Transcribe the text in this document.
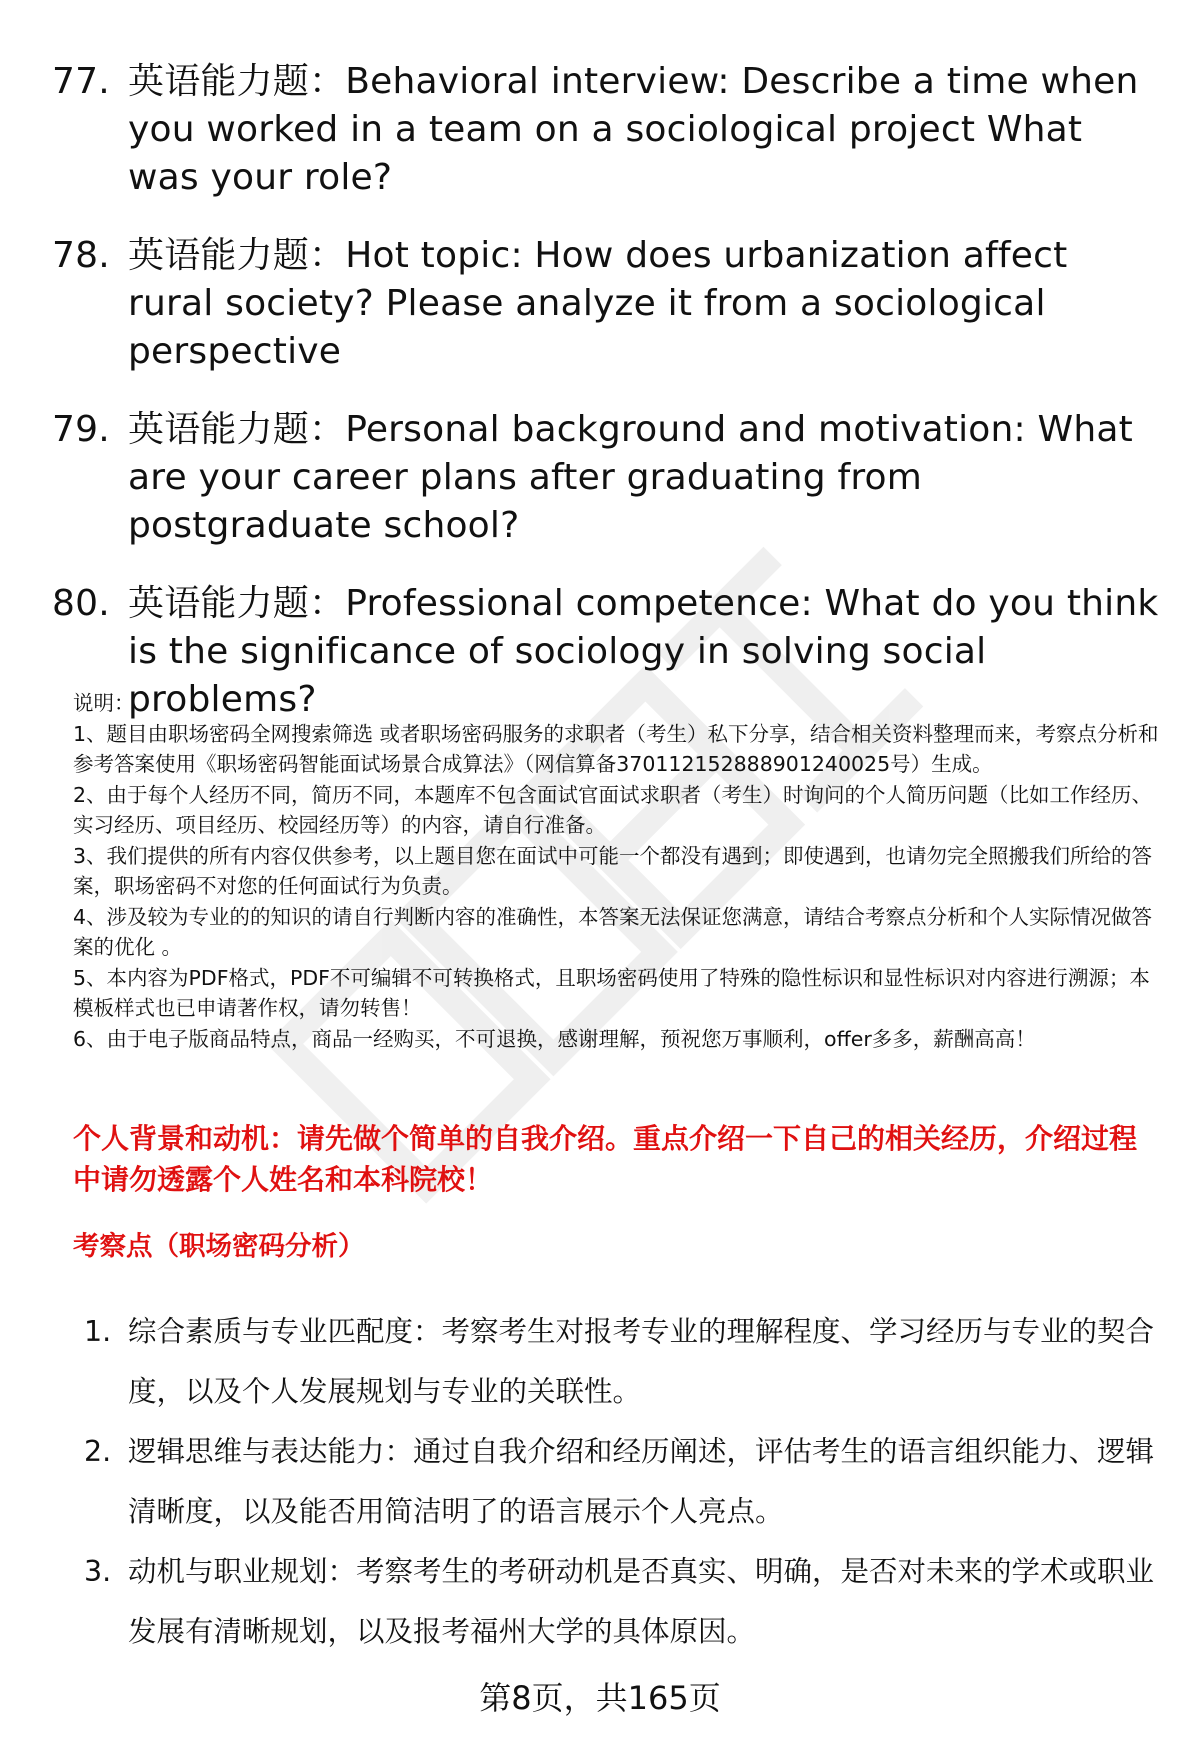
77. 英语能力题：Behavioral interview: Describe a time when you worked in a team on a sociological project What was your role?
78. 英语能力题：Hot topic: How does urbanization affect rural society? Please analyze it from a sociological perspective
79. 英语能力题：Personal background and motivation: What are your career plans after graduating from postgraduate school?
80. 英语能力题：Professional competence: What do you think is the significance of sociology in solving social problems?

说明：

1、题目由职场密码全网搜索筛选 或者职场密码服务的求职者（考生）私下分享，结合相关资料整理而来，考察点分析和参考答案使用《职场密码智能面试场景合成算法》（网信算备370112152888901240025号）生成。

2、由于每个人经历不同，简历不同，本题库不包含面试官面试求职者（考生）时询问的个人简历问题（比如工作经历、实习经历、项目经历、校园经历等）的内容，请自行准备。

3、我们提供的所有内容仅供参考，以上题目您在面试中可能一个都没有遇到；即使遇到，也请勿完全照搬我们所给的答案，职场密码不对您的任何面试行为负责。

4、涉及较为专业的的知识的请自行判断内容的准确性，本答案无法保证您满意，请结合考察点分析和个人实际情况做答案的优化 。

5、本内容为PDF格式，PDF不可编辑不可转换格式，且职场密码使用了特殊的隐性标识和显性标识对内容进行溯源；本模板样式也已申请著作权，请勿转售！

6、由于电子版商品特点，商品一经购买，不可退换，感谢理解，预祝您万事顺利，offer多多，薪酬高高！

个人背景和动机：请先做个简单的自我介绍。重点介绍一下自己的相关经历，介绍过程中请勿透露个人姓名和本科院校！

考察点（职场密码分析）

1. 综合素质与专业匹配度：考察考生对报考专业的理解程度、学习经历与专业的契合度，以及个人发展规划与专业的关联性。
2. 逻辑思维与表达能力：通过自我介绍和经历阐述，评估考生的语言组织能力、逻辑清晰度，以及能否用简洁明了的语言展示个人亮点。
3. 动机与职业规划：考察考生的考研动机是否真实、明确，是否对未来的学术或职业发展有清晰规划，以及报考福州大学的具体原因。
第8页，共165页
